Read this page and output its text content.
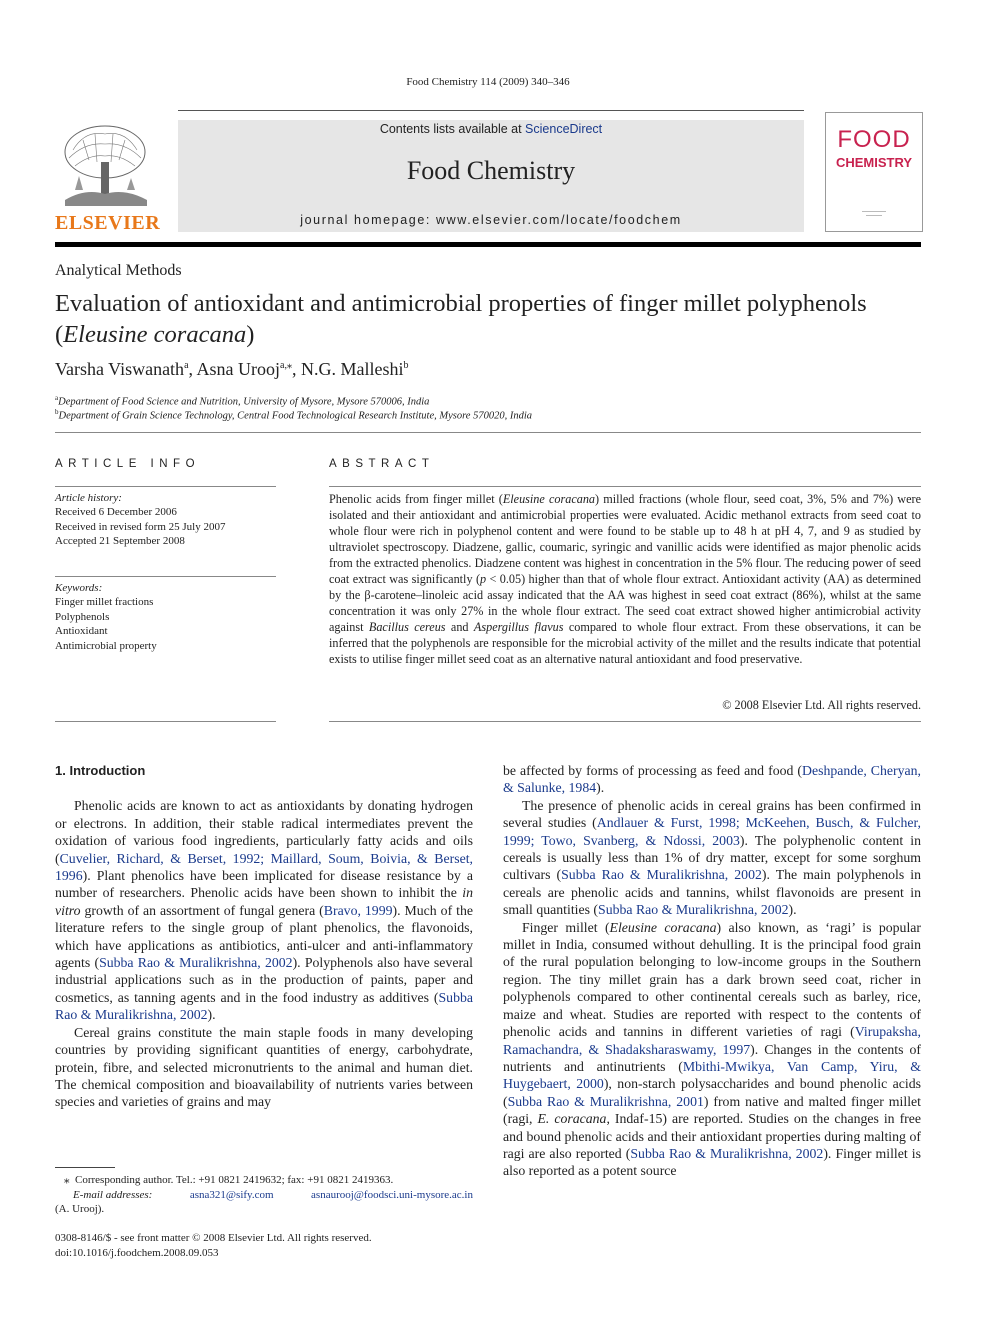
Food Chemistry 114 (2009) 340–346
ELSEVIER
Contents lists available at ScienceDirect
Food Chemistry
journal homepage: www.elsevier.com/locate/foodchem
FOOD
CHEMISTRY
Analytical Methods
Evaluation of antioxidant and antimicrobial properties of finger millet polyphenols (Eleusine coracana)
Varsha Viswanath$^a$, Asna Urooj$^{a,⁎}$, N.G. Malleshi$^b$
$^a$Department of Food Science and Nutrition, University of Mysore, Mysore 570006, India
$^b$Department of Grain Science Technology, Central Food Technological Research Institute, Mysore 570020, India
ARTICLE INFO
Article history:
Received 6 December 2006
Received in revised form 25 July 2007
Accepted 21 September 2008
Keywords:
Finger millet fractions
Polyphenols
Antioxidant
Antimicrobial property
ABSTRACT
Phenolic acids from finger millet (Eleusine coracana) milled fractions (whole flour, seed coat, 3%, 5% and 7%) were isolated and their antioxidant and antimicrobial properties were evaluated. Acidic methanol extracts from seed coat to whole flour were rich in polyphenol content and were found to be stable up to 48 h at pH 4, 7, and 9 as studied by ultraviolet spectroscopy. Diadzene, gallic, coumaric, syringic and vanillic acids were identified as major phenolic acids from the extracted phenolics. Diadzene content was highest in concentration in the 5% flour. The reducing power of seed coat extract was significantly (p < 0.05) higher than that of whole flour extract. Antioxidant activity (AA) as determined by the β-carotene–linoleic acid assay indicated that the AA was highest in seed coat extract (86%), whilst at the same concentration it was only 27% in the whole flour extract. The seed coat extract showed higher antimicrobial activity against Bacillus cereus and Aspergillus flavus compared to whole flour extract. From these observations, it can be inferred that the polyphenols are responsible for the microbial activity of the millet and the results indicate that potential exists to utilise finger millet seed coat as an alternative natural antioxidant and food preservative.
© 2008 Elsevier Ltd. All rights reserved.
1. Introduction

Phenolic acids are known to act as antioxidants by donating hydrogen or electrons. In addition, their stable radical intermediates prevent the oxidation of various food ingredients, particularly fatty acids and oils (Cuvelier, Richard, & Berset, 1992; Maillard, Soum, Boivia, & Berset, 1996). Plant phenolics have been implicated for disease resistance by a number of researchers. Phenolic acids have been shown to inhibit the in vitro growth of an assortment of fungal genera (Bravo, 1999). Much of the literature refers to the single group of plant phenolics, the flavonoids, which have applications as antibiotics, anti-ulcer and anti-inflammatory agents (Subba Rao & Muralikrishna, 2002). Polyphenols also have several industrial applications such as in the production of paints, paper and cosmetics, as tanning agents and in the food industry as additives (Subba Rao & Muralikrishna, 2002).

Cereal grains constitute the main staple foods in many developing countries by providing significant quantities of energy, carbohydrate, protein, fibre, and selected micronutrients to the animal and human diet. The chemical composition and bioavailability of nutrients varies between species and varieties of grains and may

⁎ Corresponding author. Tel.: +91 0821 2419632; fax: +91 0821 2419363.
E-mail addresses:	asna321@sify.com	asnaurooj@foodsci.uni-mysore.ac.in
(A. Urooj).
0308-8146/$ - see front matter © 2008 Elsevier Ltd. All rights reserved.
doi:10.1016/j.foodchem.2008.09.053

be affected by forms of processing as feed and food (Deshpande, Cheryan, & Salunke, 1984).

The presence of phenolic acids in cereal grains has been confirmed in several studies (Andlauer & Furst, 1998; McKeehen, Busch, & Fulcher, 1999; Towo, Svanberg, & Ndossi, 2003). The polyphenolic content in cereals is usually less than 1% of dry matter, except for some sorghum cultivars (Subba Rao & Muralikrishna, 2002). The main polyphenols in cereals are phenolic acids and tannins, whilst flavonoids are present in small quantities (Subba Rao & Muralikrishna, 2002).

Finger millet (Eleusine coracana) also known, as ‘ragi’ is popular millet in India, consumed without dehulling. It is the principal food grain of the rural population belonging to low-income groups in the Southern region. The tiny millet grain has a dark brown seed coat, richer in polyphenols compared to other continental cereals such as barley, rice, maize and wheat. Studies are reported with respect to the contents of phenolic acids and tannins in different varieties of ragi (Virupaksha, Ramachandra, & Shadaksharaswamy, 1997). Changes in the contents of nutrients and antinutrients (Mbithi-Mwikya, Van Camp, Yiru, & Huygebaert, 2000), non-starch polysaccharides and bound phenolic acids (Subba Rao & Muralikrishna, 2001) from native and malted finger millet (ragi, E. coracana, Indaf-15) are reported. Studies on the changes in free and bound phenolic acids and their antioxidant properties during malting of ragi are also reported (Subba Rao & Muralikrishna, 2002). Finger millet is also reported as a potent source
